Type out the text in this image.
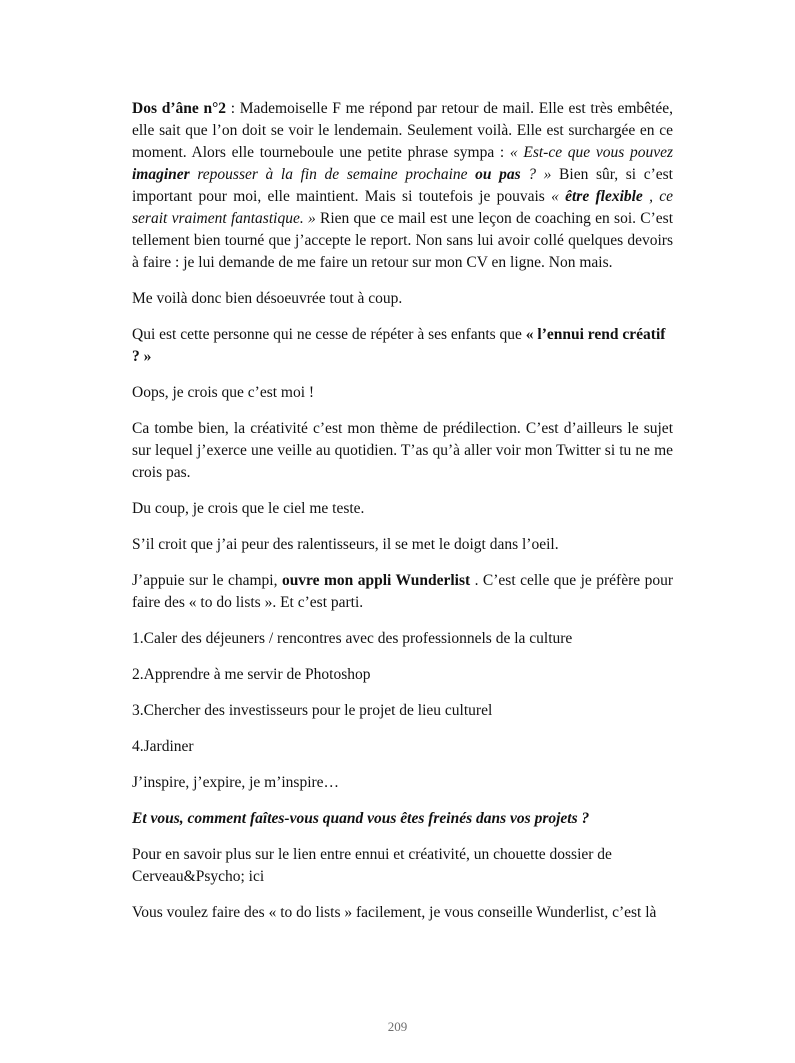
Dos d’âne n°2 : Mademoiselle F me répond par retour de mail. Elle est très embêtée, elle sait que l’on doit se voir le lendemain. Seulement voilà. Elle est surchargée en ce moment. Alors elle tourneboule une petite phrase sympa : « Est-ce que vous pouvez imaginer repousser à la fin de semaine prochaine ou pas ? » Bien sûr, si c’est important pour moi, elle maintient. Mais si toutefois je pouvais « être flexible , ce serait vraiment fantastique. » Rien que ce mail est une leçon de coaching en soi. C’est tellement bien tourné que j’accepte le report. Non sans lui avoir collé quelques devoirs à faire : je lui demande de me faire un retour sur mon CV en ligne. Non mais.

Me voilà donc bien désoeuvrée tout à coup.

Qui est cette personne qui ne cesse de répéter à ses enfants que « l’ennui rend créatif ? »

Oops, je crois que c’est moi !

Ca tombe bien, la créativité c’est mon thème de prédilection. C’est d’ailleurs le sujet sur lequel j’exerce une veille au quotidien. T’as qu’à aller voir mon Twitter si tu ne me crois pas.

Du coup, je crois que le ciel me teste.

S’il croit que j’ai peur des ralentisseurs, il se met le doigt dans l’oeil.

J’appuie sur le champi, ouvre mon appli Wunderlist . C’est celle que je préfère pour faire des « to do lists ». Et c’est parti.

1.Caler des déjeuners / rencontres avec des professionnels de la culture

2.Apprendre à me servir de Photoshop

3.Chercher des investisseurs pour le projet de lieu culturel

4.Jardiner

J’inspire, j’expire, je m’inspire…

Et vous, comment faîtes-vous quand vous êtes freinés dans vos projets ?

Pour en savoir plus sur le lien entre ennui et créativité, un chouette dossier de Cerveau&Psycho; ici

Vous voulez faire des « to do lists » facilement, je vous conseille Wunderlist, c’est là

209
